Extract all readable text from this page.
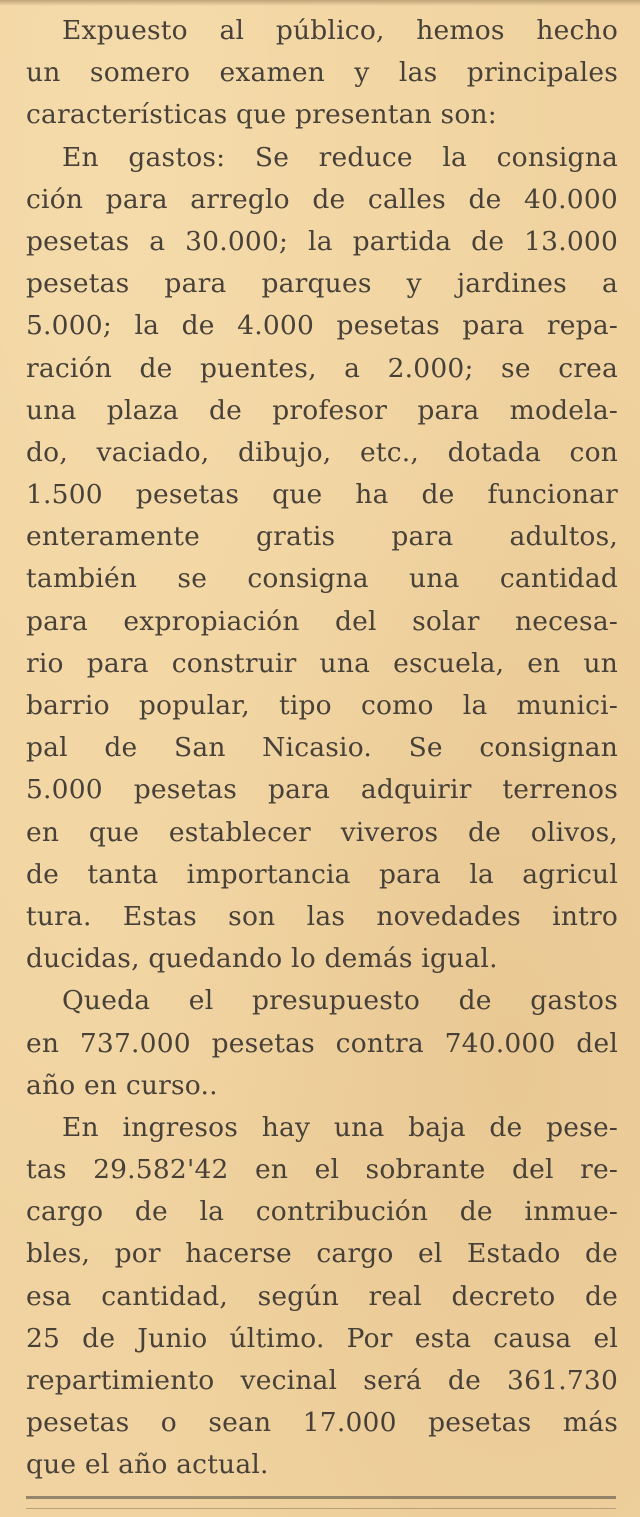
Expuesto al público, hemos hecho
un somero examen y las principales
características que presentan son:
En gastos: Se reduce la consigna
ción para arreglo de calles de 40.000
pesetas a 30.000; la partida de 13.000
pesetas para parques y jardines a
5.000; la de 4.000 pesetas para repa-
ración de puentes, a 2.000; se crea
una plaza de profesor para modela-
do, vaciado, dibujo, etc., dotada con
1.500 pesetas que ha de funcionar
enteramente gratis para adultos,
también se consigna una cantidad
para expropiación del solar necesa-
rio para construir una escuela, en un
barrio popular, tipo como la munici-
pal de San Nicasio. Se consignan
5.000 pesetas para adquirir terrenos
en que establecer viveros de olivos,
de tanta importancia para la agricul
tura. Estas son las novedades intro
ducidas, quedando lo demás igual.
Queda el presupuesto de gastos
en 737.000 pesetas contra 740.000 del
año en curso..
En ingresos hay una baja de pese-
tas 29.582'42 en el sobrante del re-
cargo de la contribución de inmue-
bles, por hacerse cargo el Estado de
esa cantidad, según real decreto de
25 de Junio último. Por esta causa el
repartimiento vecinal será de 361.730
pesetas o sean 17.000 pesetas más
que el año actual.
